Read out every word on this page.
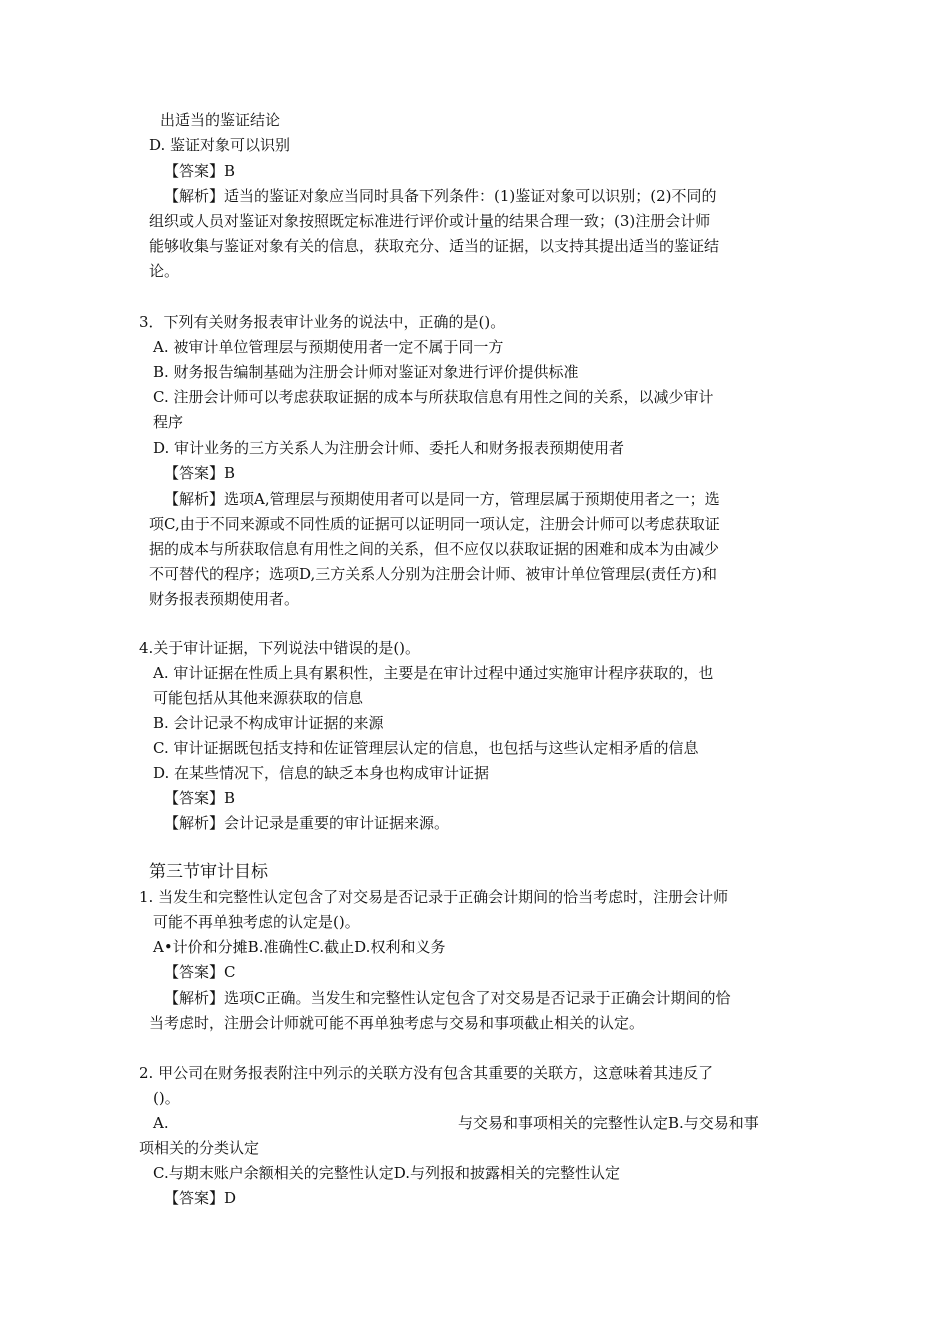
出适当的鉴证结论
D. 鉴证对象可以识别
【答案】B
【解析】适当的鉴证对象应当同时具备下列条件：(1)鉴证对象可以识别；(2)不同的
组织或人员对鉴证对象按照既定标准进行评价或计量的结果合理一致；(3)注册会计师
能够收集与鉴证对象有关的信息，获取充分、适当的证据，以支持其提出适当的鉴证结
论。
3．下列有关财务报表审计业务的说法中，正确的是()。
A. 被审计单位管理层与预期使用者一定不属于同一方
B. 财务报告编制基础为注册会计师对鉴证对象进行评价提供标准
C. 注册会计师可以考虑获取证据的成本与所获取信息有用性之间的关系，以减少审计
程序
D. 审计业务的三方关系人为注册会计师、委托人和财务报表预期使用者
【答案】B
【解析】选项A,管理层与预期使用者可以是同一方，管理层属于预期使用者之一；选
项C,由于不同来源或不同性质的证据可以证明同一项认定，注册会计师可以考虑获取证
据的成本与所获取信息有用性之间的关系，但不应仅以获取证据的困难和成本为由减少
不可替代的程序；选项D,三方关系人分别为注册会计师、被审计单位管理层(责任方)和
财务报表预期使用者。
4.关于审计证据，下列说法中错误的是()。
A. 审计证据在性质上具有累积性，主要是在审计过程中通过实施审计程序获取的，也
可能包括从其他来源获取的信息
B. 会计记录不构成审计证据的来源
C. 审计证据既包括支持和佐证管理层认定的信息，也包括与这些认定相矛盾的信息
D. 在某些情况下，信息的缺乏本身也构成审计证据
【答案】B
【解析】会计记录是重要的审计证据来源。
第三节审计目标
1. 当发生和完整性认定包含了对交易是否记录于正确会计期间的恰当考虑时，注册会计师
可能不再单独考虑的认定是()。
A•计价和分摊B.准确性C.截止D.权利和义务
【答案】C
【解析】选项C正确。当发生和完整性认定包含了对交易是否记录于正确会计期间的恰
当考虑时，注册会计师就可能不再单独考虑与交易和事项截止相关的认定。
2. 甲公司在财务报表附注中列示的关联方没有包含其重要的关联方，这意味着其违反了
()。
A.	与交易和事项相关的完整性认定B.与交易和事
项相关的分类认定
C.与期末账户余额相关的完整性认定D.与列报和披露相关的完整性认定
【答案】D
